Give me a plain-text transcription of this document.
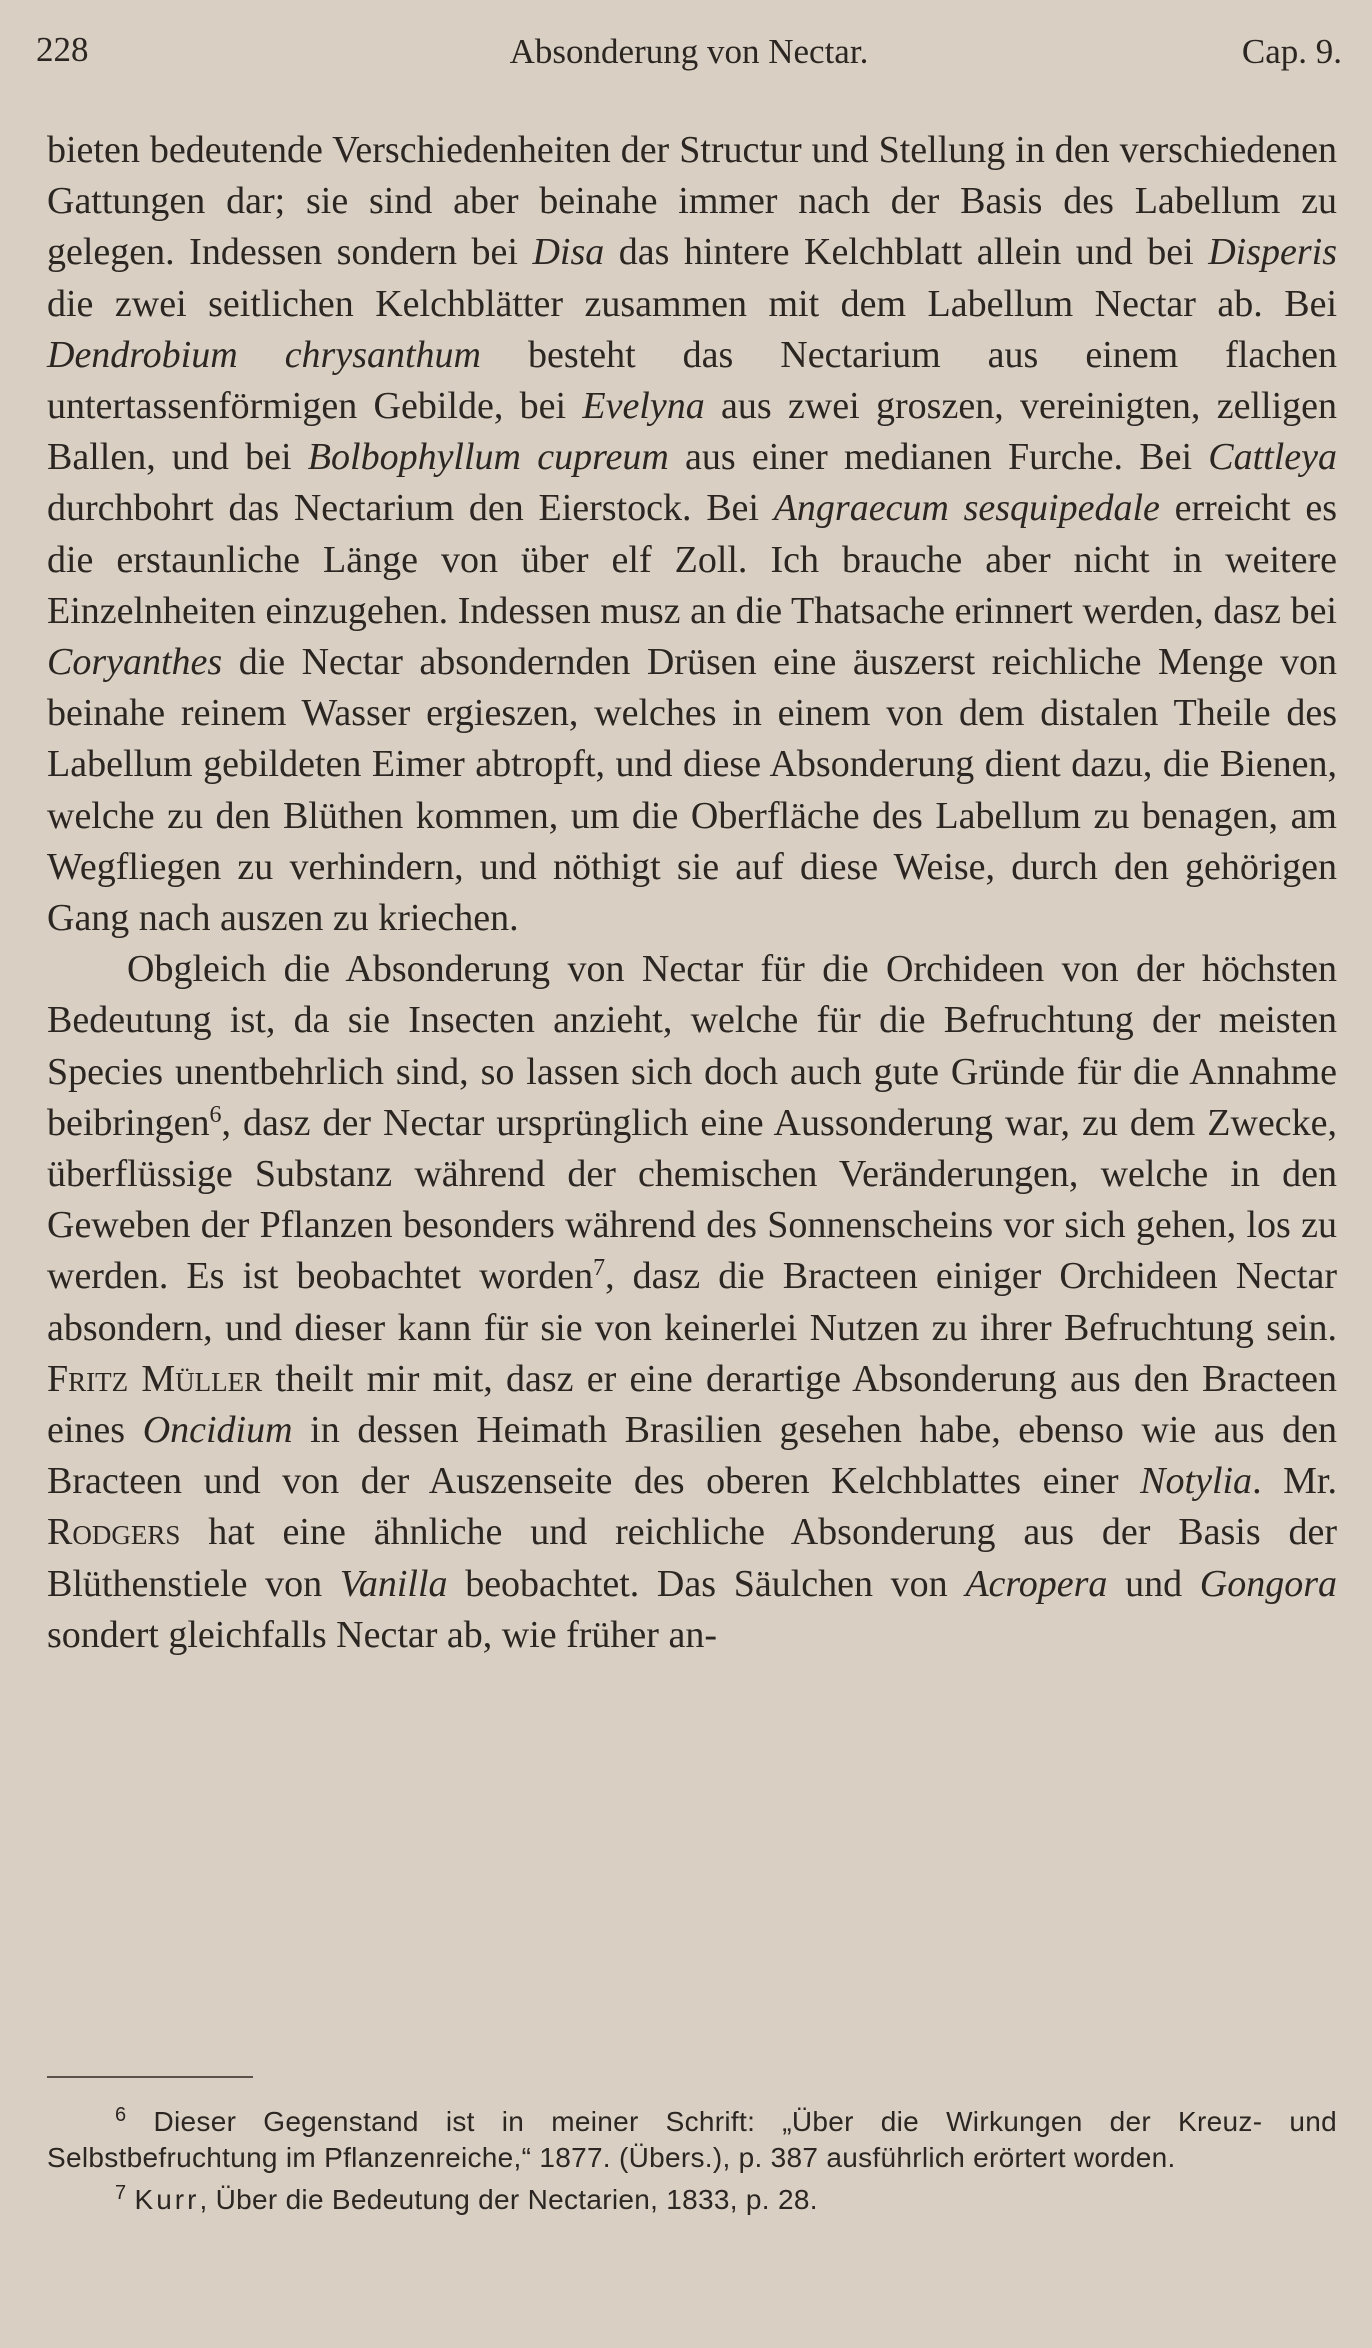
228	Absonderung von Nectar.	Cap. 9.

bieten bedeutende Verschiedenheiten der Structur und Stellung in den verschiedenen Gattungen dar; sie sind aber beinahe immer nach der Basis des Labellum zu gelegen. Indessen sondern bei Disa das hintere Kelchblatt allein und bei Disperis die zwei seitlichen Kelchblätter zusammen mit dem Labellum Nectar ab. Bei Dendrobium chrysanthum besteht das Nectarium aus einem flachen untertassenförmigen Gebilde, bei Evelyna aus zwei groszen, vereinigten, zelligen Ballen, und bei Bolbophyllum cupreum aus einer medianen Furche. Bei Cattleya durchbohrt das Nectarium den Eierstock. Bei Angraecum sesquipedale erreicht es die erstaunliche Länge von über elf Zoll. Ich brauche aber nicht in weitere Einzelnheiten einzugehen. Indessen musz an die Thatsache erinnert werden, dasz bei Coryanthes die Nectar absondernden Drüsen eine äuszerst reichliche Menge von beinahe reinem Wasser ergieszen, welches in einem von dem distalen Theile des Labellum gebildeten Eimer abtropft, und diese Absonderung dient dazu, die Bienen, welche zu den Blüthen kommen, um die Oberfläche des Labellum zu benagen, am Wegfliegen zu verhindern, und nöthigt sie auf diese Weise, durch den gehörigen Gang nach auszen zu kriechen.

Obgleich die Absonderung von Nectar für die Orchideen von der höchsten Bedeutung ist, da sie Insecten anzieht, welche für die Befruchtung der meisten Species unentbehrlich sind, so lassen sich doch auch gute Gründe für die Annahme beibringen$^6$, dasz der Nectar ursprünglich eine Aussonderung war, zu dem Zwecke, überflüssige Substanz während der chemischen Veränderungen, welche in den Geweben der Pflanzen besonders während des Sonnenscheins vor sich gehen, los zu werden. Es ist beobachtet worden$^7$, dasz die Bracteen einiger Orchideen Nectar absondern, und dieser kann für sie von keinerlei Nutzen zu ihrer Befruchtung sein. Fritz Müller theilt mir mit, dasz er eine derartige Absonderung aus den Bracteen eines Oncidium in dessen Heimath Brasilien gesehen habe, ebenso wie aus den Bracteen und von der Auszenseite des oberen Kelchblattes einer Notylia. Mr. Rodgers hat eine ähnliche und reichliche Absonderung aus der Basis der Blüthenstiele von Vanilla beobachtet. Das Säulchen von Acropera und Gongora sondert gleichfalls Nectar ab, wie früher an-

$^6$ Dieser Gegenstand ist in meiner Schrift: „Über die Wirkungen der Kreuz- und Selbstbefruchtung im Pflanzenreiche,“ 1877. (Übers.), p. 387 ausführlich erörtert worden.

$^7$ Kurr, Über die Bedeutung der Nectarien, 1833, p. 28.
